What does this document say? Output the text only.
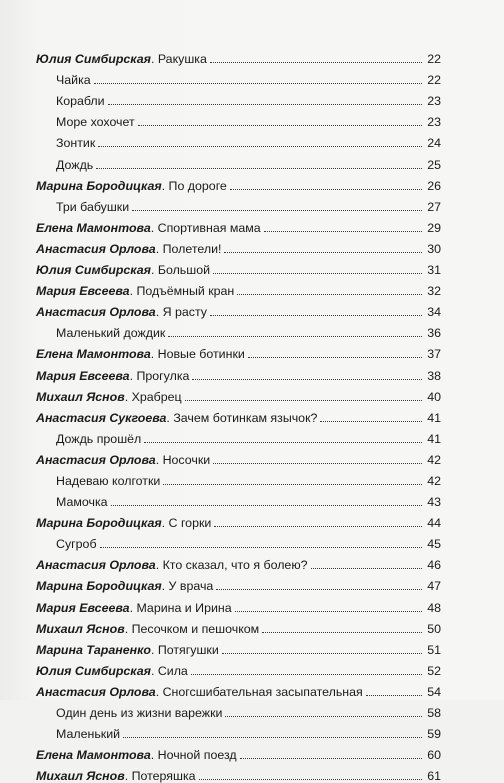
Юлия Симбирская . Ракушка	22
Чайка	22
Корабли	23
Море хохочет	23
Зонтик	24
Дождь	25
Марина Бородицкая . По дороге	26
Три бабушки	27
Елена Мамонтова . Спортивная мама	29
Анастасия Орлова . Полетели!	30
Юлия Симбирская . Большой	31
Мария Евсеева . Подъёмный кран	32
Анастасия Орлова . Я расту	34
Маленький дождик	36
Елена Мамонтова . Новые ботинки	37
Мария Евсеева . Прогулка	38
Михаил Яснов . Храбрец	40
Анастасия Сукгоева . Зачем ботинкам язычок?	41
Дождь прошёл	41
Анастасия Орлова . Носочки	42
Надеваю колготки	42
Мамочка	43
Марина Бородицкая . С горки	44
Сугроб	45
Анастасия Орлова . Кто сказал, что я болею?	46
Марина Бородицкая . У врача	47
Мария Евсеева . Марина и Ирина	48
Михаил Яснов . Песочком и пешочком	50
Марина Тараненко . Потягушки	51
Юлия Симбирская . Сила	52
Анастасия Орлова . Сногсшибательная засыпательная	54
Один день из жизни варежки	58
Маленький	59
Елена Мамонтова . Ночной поезд	60
Михаил Яснов . Потеряшка	61
